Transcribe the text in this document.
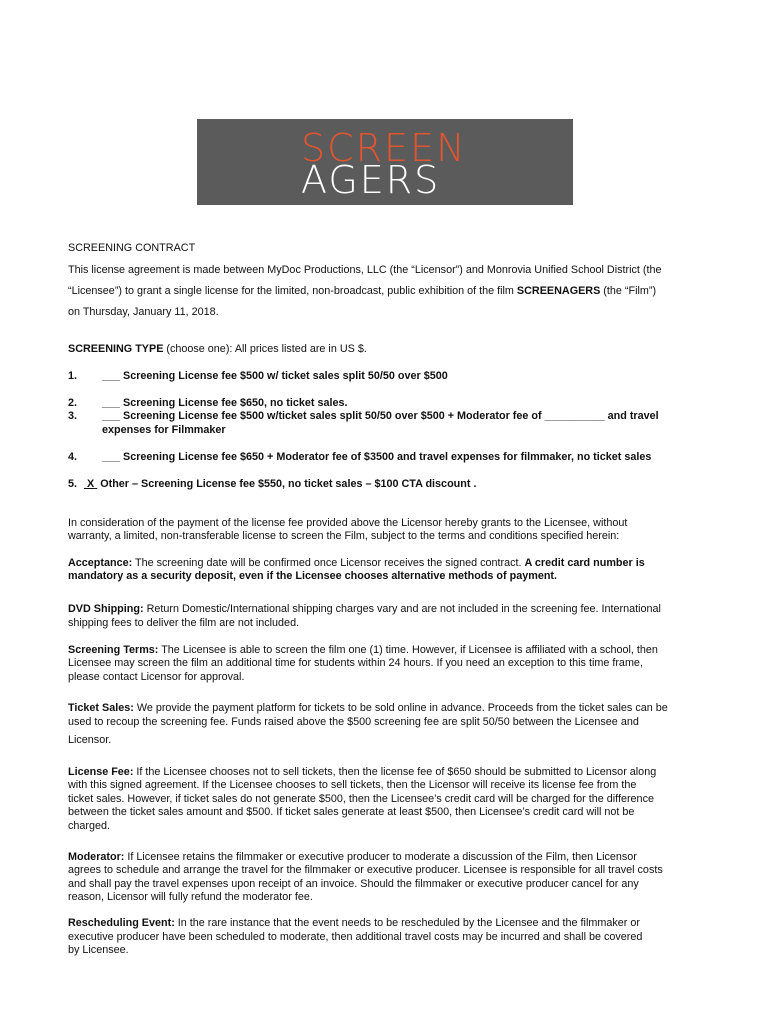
SCREEN
AGERS

SCREENING CONTRACT

This license agreement is made between MyDoc Productions, LLC (the “Licensor”) and Monrovia Unified School District (the

“Licensee”) to grant a single license for the limited, non-broadcast, public exhibition of the film SCREENAGERS (the “Film”)

on Thursday, January 11, 2018.

SCREENING TYPE (choose one): All prices listed are in US $.

1. ___ Screening License fee $500 w/ ticket sales split 50/50 over $500

2. ___ Screening License fee $650, no ticket sales.

3. ___ Screening License fee $500 w/ticket sales split 50/50 over $500 + Moderator fee of __________ and travel

expenses for Filmmaker

4. ___ Screening License fee $650 + Moderator fee of $3500 and travel expenses for filmmaker, no ticket sales

5. X Other – Screening License fee $550, no ticket sales – $100 CTA discount .

In consideration of the payment of the license fee provided above the Licensor hereby grants to the Licensee, without

warranty, a limited, non-transferable license to screen the Film, subject to the terms and conditions specified herein:

Acceptance: The screening date will be confirmed once Licensor receives the signed contract. A credit card number is

mandatory as a security deposit, even if the Licensee chooses alternative methods of payment.

DVD Shipping: Return Domestic/International shipping charges vary and are not included in the screening fee. International

shipping fees to deliver the film are not included.

Screening Terms: The Licensee is able to screen the film one (1) time. However, if Licensee is affiliated with a school, then

Licensee may screen the film an additional time for students within 24 hours. If you need an exception to this time frame,

please contact Licensor for approval.

Ticket Sales: We provide the payment platform for tickets to be sold online in advance. Proceeds from the ticket sales can be

used to recoup the screening fee. Funds raised above the $500 screening fee are split 50/50 between the Licensee and

Licensor.

License Fee: If the Licensee chooses not to sell tickets, then the license fee of $650 should be submitted to Licensor along

with this signed agreement. If the Licensee chooses to sell tickets, then the Licensor will receive its license fee from the

ticket sales. However, if ticket sales do not generate $500, then the Licensee’s credit card will be charged for the difference

between the ticket sales amount and $500. If ticket sales generate at least $500, then Licensee’s credit card will not be

charged.

Moderator: If Licensee retains the filmmaker or executive producer to moderate a discussion of the Film, then Licensor

agrees to schedule and arrange the travel for the filmmaker or executive producer. Licensee is responsible for all travel costs

and shall pay the travel expenses upon receipt of an invoice. Should the filmmaker or executive producer cancel for any

reason, Licensor will fully refund the moderator fee.

Rescheduling Event: In the rare instance that the event needs to be rescheduled by the Licensee and the filmmaker or

executive producer have been scheduled to moderate, then additional travel costs may be incurred and shall be covered

by Licensee.
